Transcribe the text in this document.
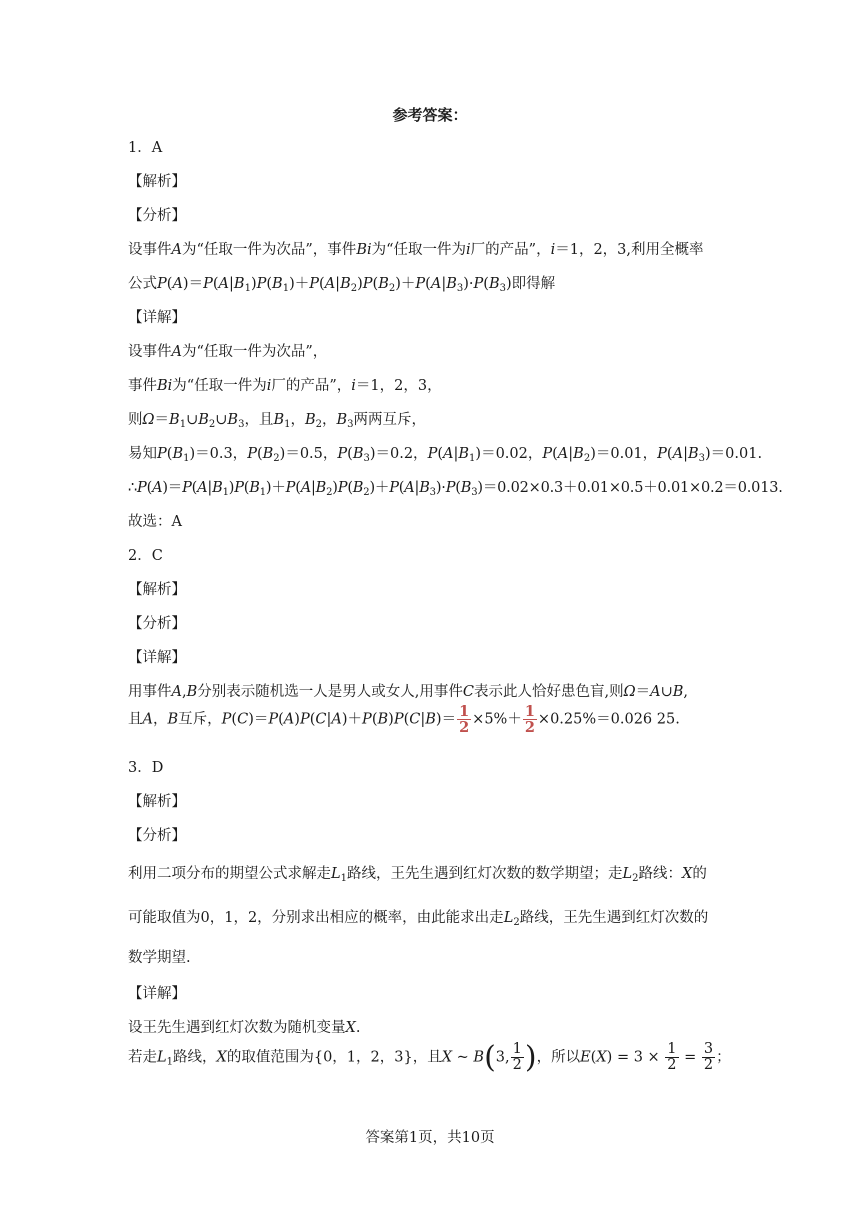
参考答案：
1．A
【解析】
【分析】
设事件A为“任取一件为次品”，事件Bi为“任取一件为i厂的产品”，i＝1，2，3,利用全概率
公式$P(A)=P(A|B_1)P(B_1)+P(A|B_2)P(B_2)+P(A|B_3)\cdot P(B_3)$即得解
【详解】
设事件A为“任取一件为次品”，
事件Bi为“任取一件为i厂的产品”，i＝1，2，3，
则$\Omega=B_1\cup B_2\cup B_3$，且$B_1$，$B_2$，$B_3$两两互斥，
易知$P(B_1)=0.3$，$P(B_2)=0.5$，$P(B_3)=0.2$，$P(A|B_1)=0.02$，$P(A|B_2)=0.01$，$P(A|B_3)=0.01$.
$\therefore P(A)=P(A|B_1)P(B_1)+P(A|B_2)P(B_2)+P(A|B_3)\cdot P(B_3)=0.02\times 0.3+0.01\times 0.5+0.01\times 0.2=0.013$.
故选：A
2．C
【解析】
【分析】
【详解】
用事件A,B分别表示随机选一人是男人或女人,用事件C表示此人恰好患色盲,则Ω＝A∪B,
且A，B互斥，$P(C)=P(A)P(C|A)+P(B)P(C|B)= \frac{1}{2} \times 5\%+ \frac{1}{2} \times 0.25\%=0.026$ 25.
3．D
【解析】
【分析】
利用二项分布的期望公式求解走$L_1$路线，王先生遇到红灯次数的数学期望；走$L_2$路线：X的
可能取值为0，1，2，分别求出相应的概率，由此能求出走$L_2$路线，王先生遇到红灯次数的
数学期望.
【详解】
设王先生遇到红灯次数为随机变量X.
若走$L_1$路线，X的取值范围为{0，1，2，3}，且X ~ B(3, $\frac{1}{2}$ )，所以$E(X) = 3 \times \frac{1}{2} = \frac{3}{2}$ ；
答案第1页，共10页
